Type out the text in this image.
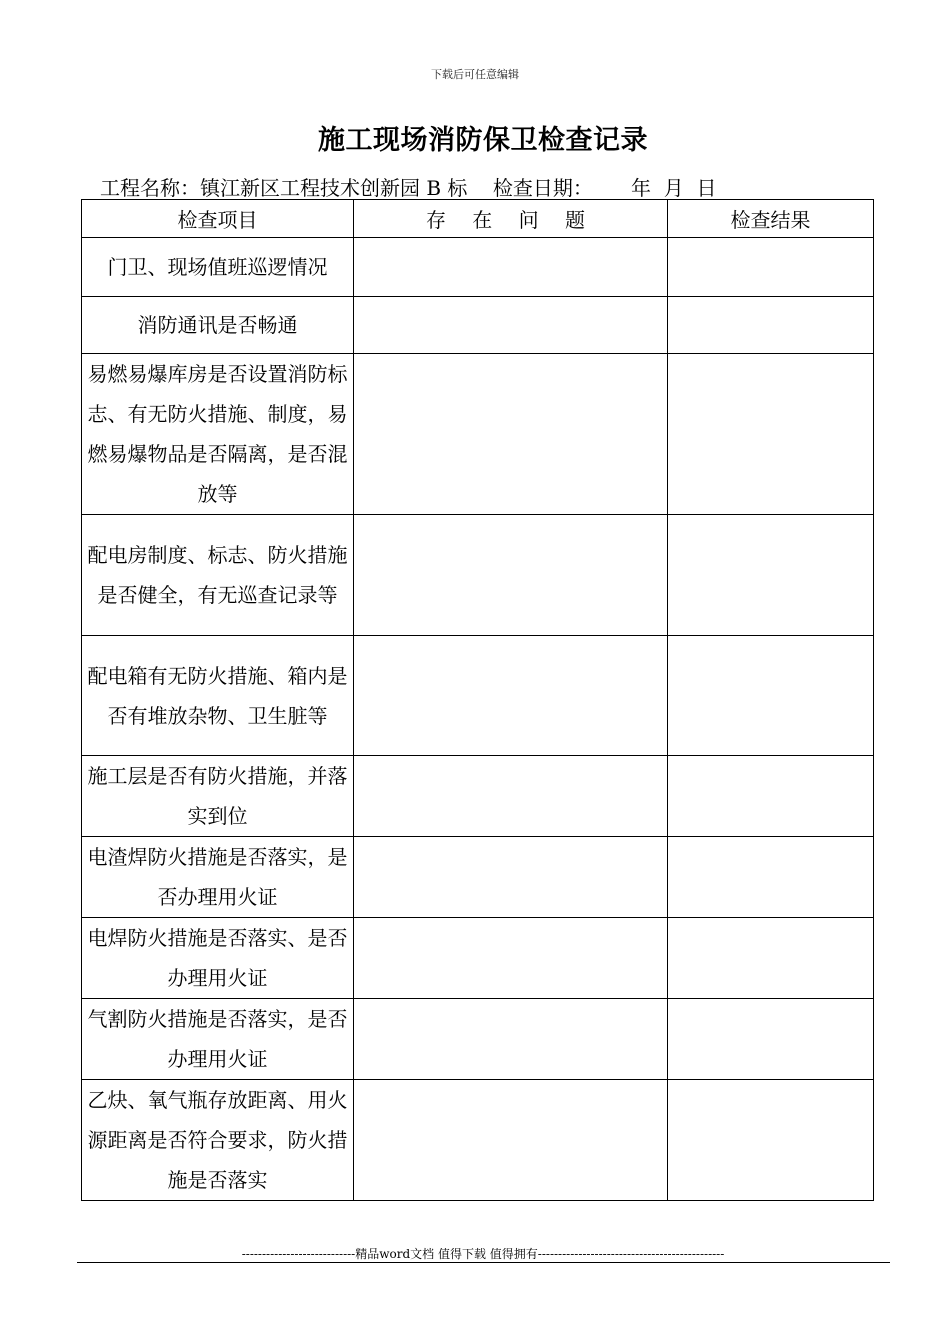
下载后可任意编辑
施工现场消防保卫检查记录
工程名称：镇江新区工程技术创新园 B 标 检查日期： 年  月  日
检查项目	存 在 问 题	检查结果
门卫、现场值班巡逻情况		
消防通讯是否畅通		
易燃易爆库房是否设置消防标志、有无防火措施、制度，易燃易爆物品是否隔离，是否混放等		
配电房制度、标志、防火措施是否健全，有无巡查记录等		
配电箱有无防火措施、箱内是否有堆放杂物、卫生脏等		
施工层是否有防火措施，并落实到位		
电渣焊防火措施是否落实，是否办理用火证		
电焊防火措施是否落实、是否办理用火证		
气割防火措施是否落实，是否办理用火证		
乙炔、氧气瓶存放距离、用火源距离是否符合要求，防火措施是否落实		
----------------------------精品word文档 值得下载 值得拥有----------------------------------------------
